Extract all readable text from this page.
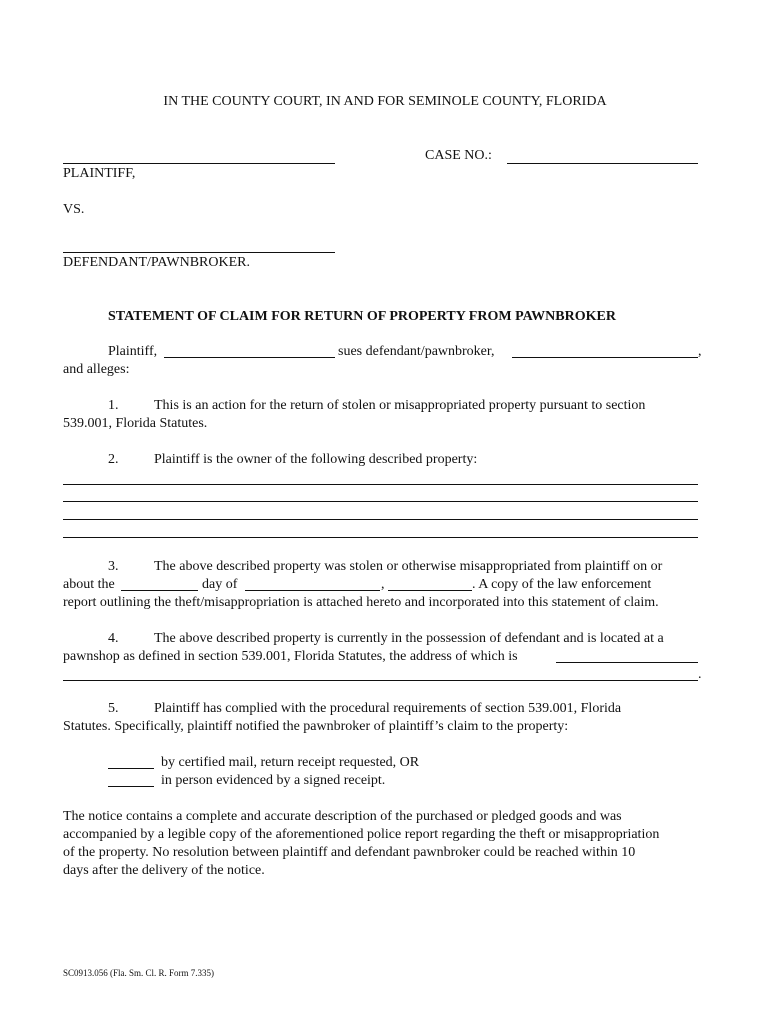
IN THE COUNTY COURT, IN AND FOR SEMINOLE COUNTY, FLORIDA
CASE NO.:
PLAINTIFF,
VS.
DEFENDANT/PAWNBROKER.
STATEMENT OF CLAIM FOR RETURN OF PROPERTY FROM PAWNBROKER
Plaintiff,	sues defendant/pawnbroker,	,
and alleges:
1.	This is an action for the return of stolen or misappropriated property pursuant to section
539.001, Florida Statutes.
2.	Plaintiff is the owner of the following described property:
3.	The above described property was stolen or otherwise misappropriated from plaintiff on or
about the	day of	,	. A copy of the law enforcement
report outlining the theft/misappropriation is attached hereto and incorporated into this statement of claim.
4.	The above described property is currently in the possession of defendant and is located at a
pawnshop as defined in section 539.001, Florida Statutes, the address of which is
.
5.	Plaintiff has complied with the procedural requirements of section 539.001, Florida
Statutes. Specifically, plaintiff notified the pawnbroker of plaintiff’s claim to the property:
by certified mail, return receipt requested, OR
in person evidenced by a signed receipt.
The notice contains a complete and accurate description of the purchased or pledged goods and was
accompanied by a legible copy of the aforementioned police report regarding the theft or misappropriation
of the property. No resolution between plaintiff and defendant pawnbroker could be reached within 10
days after the delivery of the notice.
SC0913.056 (Fla. Sm. Cl. R. Form 7.335)
